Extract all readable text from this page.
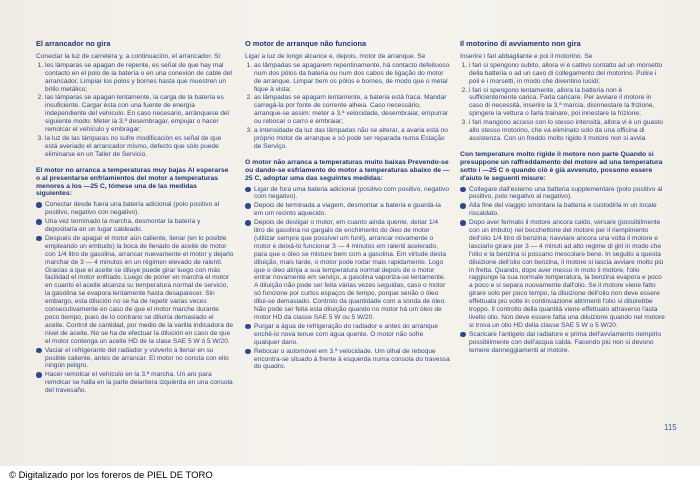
El arrancador no gira
Conectar la luz de carretera y, a continuación, el arrancador. Si:
1. les lámparas se apagan de repente, es señal de que hay mal contacto en el polo de la batería o en una conexión de cable del arrancador. Limpiar los polos y bornes hasta que muestren un brillo metálico;
2. las lámparas se apagan lentamente, la carga de la batería es insuficiente. Cargar ésta con una fuente de energía independiente del vehículo. En caso necesario, arránquese del siguiente modo: Meter la 3.ª desembragar, empujar o hacer remolcar el vehículo y embragar;
3. la luz de las lámparas no sufre modificación es señal de que está averiado el arrancador mismo, defecto que sólo puede eliminarse en un Taller de Servicio.
El motor no arranca a temperaturas muy bajas Al esperarse o al presentarse enfriamientos del motor a temperaturas menores a los —25 C, tómese una de las medidas siguientes:
Conectar desde fuera una batería adicional (polo positivo al positivo, negativo con negativo).
Una vez terminado la marcha, desmontar la batería y depositarla en un lugar caldeado.
Después de apagar el motor aún caliente, llenar (en lo posible empleando un embudo) la boca de llenado de aceite de motor con 1/4 litro de gasolina, arrancar nuevamente el motor y dejarlo marchar de 3 — 4 minutos en un régimen elevado de ralentí. Gracias a que el aceite se diluye puede girar luego con más facilidad el motor enfriado. Luego de poner en marcha el motor en cuanto el aceite alcanza su temperatura normal de servicio, la gasolina se evapora lentamente hasta desaparecer. Sin embargo, esta dilución no se ha de repetir varias veces consecutivamente en caso de que el motor marche durante poco tiempo, pues de lo contrario se diluiría demasiado el aceite. Control de cantidad, por medio de la varilla indicadora de nivel de aceite. No se ha de efectuar la dilución en caso de que el motor contenga un aceite HD de la clase SAE 5 W ó 5 W/20.
Vaciar el refrigerante del radiador y volverlo a llenar en su posible caliente, antes de arrancar. El motor no consta con ello ningún peligro.
Hacer remolcar el vehículo en la 3.ª marcha. Un aro para remolcar se halla en la parte delantera izquierda en una consola del travesaño.
O motor de arranque não funciona
Ligar a luz de longo alcance e, depois, motor de arranque. Se
1. as lâmpadas se apagarem repentinamente, há contacto defeituoso num dos pólos da bateria ou num dos cabos de ligação do motor de arranque. Limpar bem os pólos e bornes, de modo que o metal fique à vista;
2. as lâmpadas se apagam lentamente, a bateria está fraca. Mandar carregá-la por fonte de corrente alheia. Caso necessário, arranque-se assim: meter a 3.ª velocidade, desembraiar, empurrar ou rebocar o carro e embraiar;
3. a intensidade da luz das lâmpadas não se alterar, a avaria está no próprio motor de arranque e só pode ser reparada numa Estação de Serviço.
O motor não arranca a temperaturas muito baixas Prevendo-se ou dando-se esfriamento do motor a temperaturas abaixo de —25 C, adoptar uma das seguintes medidas:
Ligar de fora uma bateria adicional (positivo com positivo, negativo com negativo).
Depois de terminada a viagem, desmontar a bateria e guardá-la em um recinto aquecido.
Depois de desligar o motor, em cuanto ainda quente, deitar 1/4 litro de gasolina no gargalo de enchimento do óleo de motor (utilizar sempre que possível um funil), arrancar novamente o motor e deixá-lo funcionar 3 — 4 minutos em ralenti acelerado, para que o óleo se misture bem com a gasolina. Em virtude desta diluição, mais tarde, o motor pode rodar mais rapidamente. Logo que o óleo atinja a sua temperatura normal depois de o motor entrar novamente em serviço, a gasolina vaporiza-se lentamente. A diluição não pode ser feita várias vezes seguidas, caso o motor só funcione por curtos espaços de tempo, porque senão o óleo dilui-se demasiado. Controlo da quantidade com a sonda de óleo. Não pode ser feita esta diluição quando no motor há um óleo de motor HD da classe SAE 5 W ou 5 W/20.
Purgar a água de refrigeração do radiador e antes do arranque enchê-lo nova tenue com água quente. O motor não sofre qualquer dano.
Rebocar o automóvel em 3.ª velocidade. Um olhal de reboque encontra-se situado à frente à esquerda numa consola do travessa do quadro.
Il motorino di avviamento non gira
Inserire i fari abbagliante e poi il motorino. Se
1. i fari si spengono subito, allora vi è cattivo contatto ad un morsetto della batteria o ad un cavo di collegamento del motorino. Pulire i poli e i morsetti, in modo che diventino lucidi;
2. i fari si spengono lentamente, allora la batteria non è sufficientemente carica. Farla caricare. Per avviare il motore in caso di necessità, inserire la 3.ª marcia, disinnestare la frizione, spingere la vettura o farla trainare, poi innestare la frizione;
3. i fari mangono acceso con lo stesso intensità, allora vi è un guasto allo stesso motorino, che va eliminato solo da una officina di assistenza. Con un freddo molto rigido il motore non si avvia
Con temperature molto rigide il motore non parte Quando si presuppone un raffreddamento del motore ad una temperatura sotto i —25 C o quando ciò è già avvenuto, possono essere d'aiuto le seguenti misure:
Collegare dall'esterno una batteria supplementare (polo positivo al positivo, polo negativo al negativo).
Alla fine del viaggio smontare la batteria e custodirla in un locale riscaldato.
Dopo aver fermato il motore ancora caldo, versare (possibilmente con un imbuto) nel bocchettone del motore per il riempimento dell'olio 1/4 litro di benzina; riavviare ancora una volta il motore e lasciarlo girare per 3 — 4 minuti ad alto regime di giri in modo che l'olio e la benzina si possano mescolare bene. In seguito a questa diluizione dell'olio con benzina, il motore si lascia avviare molto più in fretta. Quando, dopo aver messo in moto il motore, l'olio raggiunge la sua normale temperatura, la benzina evapora e poco a poco e si separa nuovamente dall'olio. Se il motore viene fatto girare solo per poco tempo, la diluizione dell'olio non deve essere effettuata più volte in continuazione altrimenti l'olio si diluirebbe troppo. Il controllo della quantità viene effettuato attraverso l'asta livello olio. Non deve essere fatta una diluizione quando nel motore si trova un olio HD della classe SAE 5 W o 5 W/20.
Scaricare l'antigelo dal radiatore e prima dell'avviamento riempirlo possibilmente con dell'acqua calda. Facendo più non si devono temere danneggiamenti al motore.
115
© Digitalizado por los foreros de PIEL DE TORO
